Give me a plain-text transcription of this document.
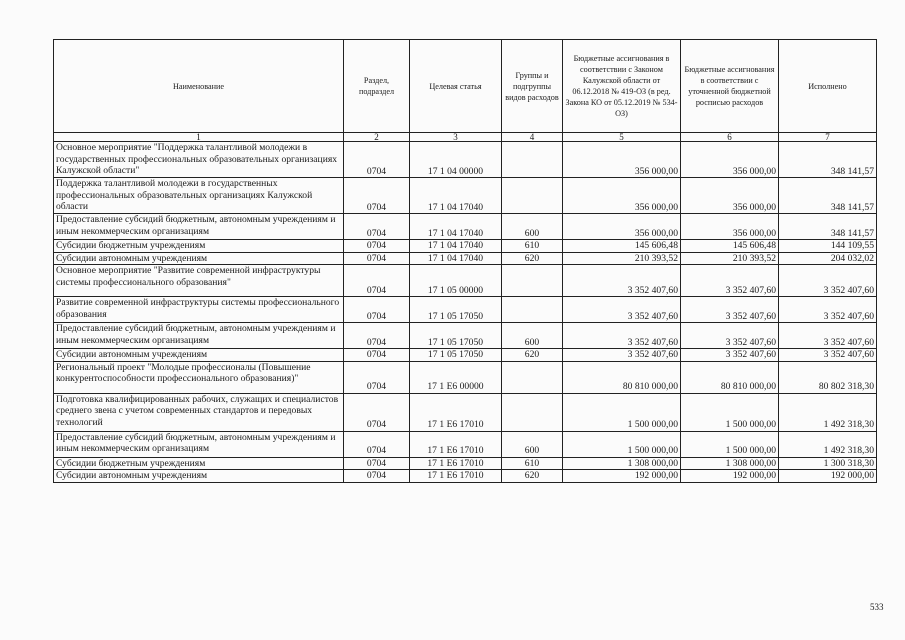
Наименование	Раздел, подраздел	Целевая статья	Группы и подгруппы видов расходов	Бюджетные ассигнования в соответствии с Законом Калужской области от 06.12.2018 № 419-ОЗ (в ред. Закона КО от 05.12.2019 № 534-ОЗ)	Бюджетные ассигнования в соответствии с уточненной бюджетной росписью расходов	Исполнено
1	2	3	4	5	6	7
Основное мероприятие "Поддержка талантливой молодежи в государственных профессиональных образовательных организациях Калужской области"	0704	17 1 04 00000		356 000,00	356 000,00	348 141,57
Поддержка талантливой молодежи в государственных профессиональных образовательных организациях Калужской области	0704	17 1 04 17040		356 000,00	356 000,00	348 141,57
Предоставление субсидий бюджетным, автономным учреждениям и иным некоммерческим организациям	0704	17 1 04 17040	600	356 000,00	356 000,00	348 141,57
Субсидии бюджетным учреждениям	0704	17 1 04 17040	610	145 606,48	145 606,48	144 109,55
Субсидии автономным учреждениям	0704	17 1 04 17040	620	210 393,52	210 393,52	204 032,02
Основное мероприятие "Развитие современной инфраструктуры системы профессионального образования"	0704	17 1 05 00000		3 352 407,60	3 352 407,60	3 352 407,60
Развитие современной инфраструктуры системы профессионального образования	0704	17 1 05 17050		3 352 407,60	3 352 407,60	3 352 407,60
Предоставление субсидий бюджетным, автономным учреждениям и иным некоммерческим организациям	0704	17 1 05 17050	600	3 352 407,60	3 352 407,60	3 352 407,60
Субсидии автономным учреждениям	0704	17 1 05 17050	620	3 352 407,60	3 352 407,60	3 352 407,60
Региональный проект "Молодые профессионалы (Повышение конкурентоспособности профессионального образования)"	0704	17 1 E6 00000		80 810 000,00	80 810 000,00	80 802 318,30
Подготовка квалифицированных рабочих, служащих и специалистов среднего звена с учетом современных стандартов и передовых технологий	0704	17 1 E6 17010		1 500 000,00	1 500 000,00	1 492 318,30
Предоставление субсидий бюджетным, автономным учреждениям и иным некоммерческим организациям	0704	17 1 E6 17010	600	1 500 000,00	1 500 000,00	1 492 318,30
Субсидии бюджетным учреждениям	0704	17 1 E6 17010	610	1 308 000,00	1 308 000,00	1 300 318,30
Субсидии автономным учреждениям	0704	17 1 E6 17010	620	192 000,00	192 000,00	192 000,00
533
